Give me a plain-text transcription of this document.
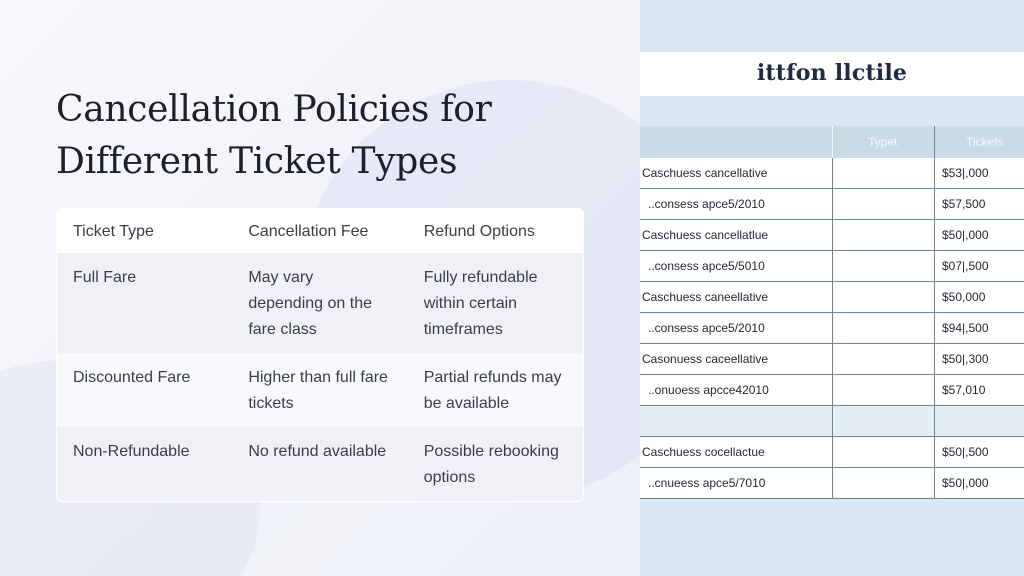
Cancellation Policies for Different Ticket Types
Ticket Type	Cancellation Fee	Refund Options
Full Fare	May vary depending on the fare class	Fully refundable within certain timeframes
Discounted Fare	Higher than full fare tickets	Partial refunds may be available
Non-Refundable	No refund available	Possible rebooking options
ittfon llctile
Typet	Tickets
Caschuess cancellative	$53|,000
..consess apce5/2010	$57,500
Caschuess cancellatlue	$50|,000
..consess apce5/5010	$07|,500
Caschuess caneellative	$50,000
..consess apce5/2010	$94|,500
Casonuess caceellative	$50|,300
..onuoess apcce42010	$57,010
Caschuess cocellactue	$50|,500
..cnueess apce5/7010	$50|,000
